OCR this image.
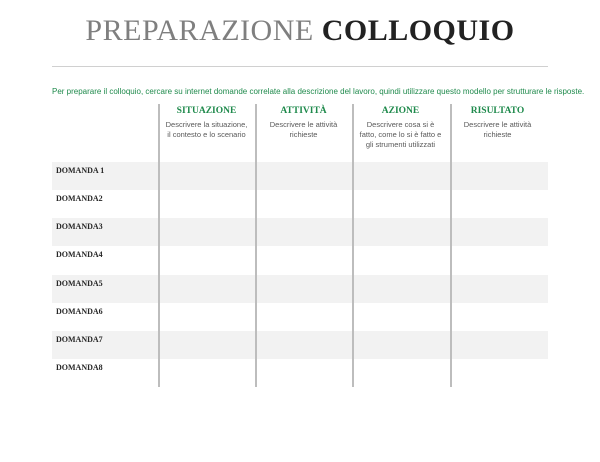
PREPARAZIONE COLLOQUIO
Per preparare il colloquio, cercare su internet domande correlate alla descrizione del lavoro, quindi utilizzare questo modello per strutturare le risposte.
DOMANDA 1
DOMANDA2
DOMANDA3
DOMANDA4
DOMANDA5
DOMANDA6
DOMANDA7
DOMANDA8
SITUAZIONE
Descrivere la situazione, il contesto e lo scenario
ATTIVITÀ
Descrivere le attività richieste
AZIONE
Descrivere cosa si è fatto, come lo si è fatto e gli strumenti utilizzati
RISULTATO
Descrivere le attività richieste
